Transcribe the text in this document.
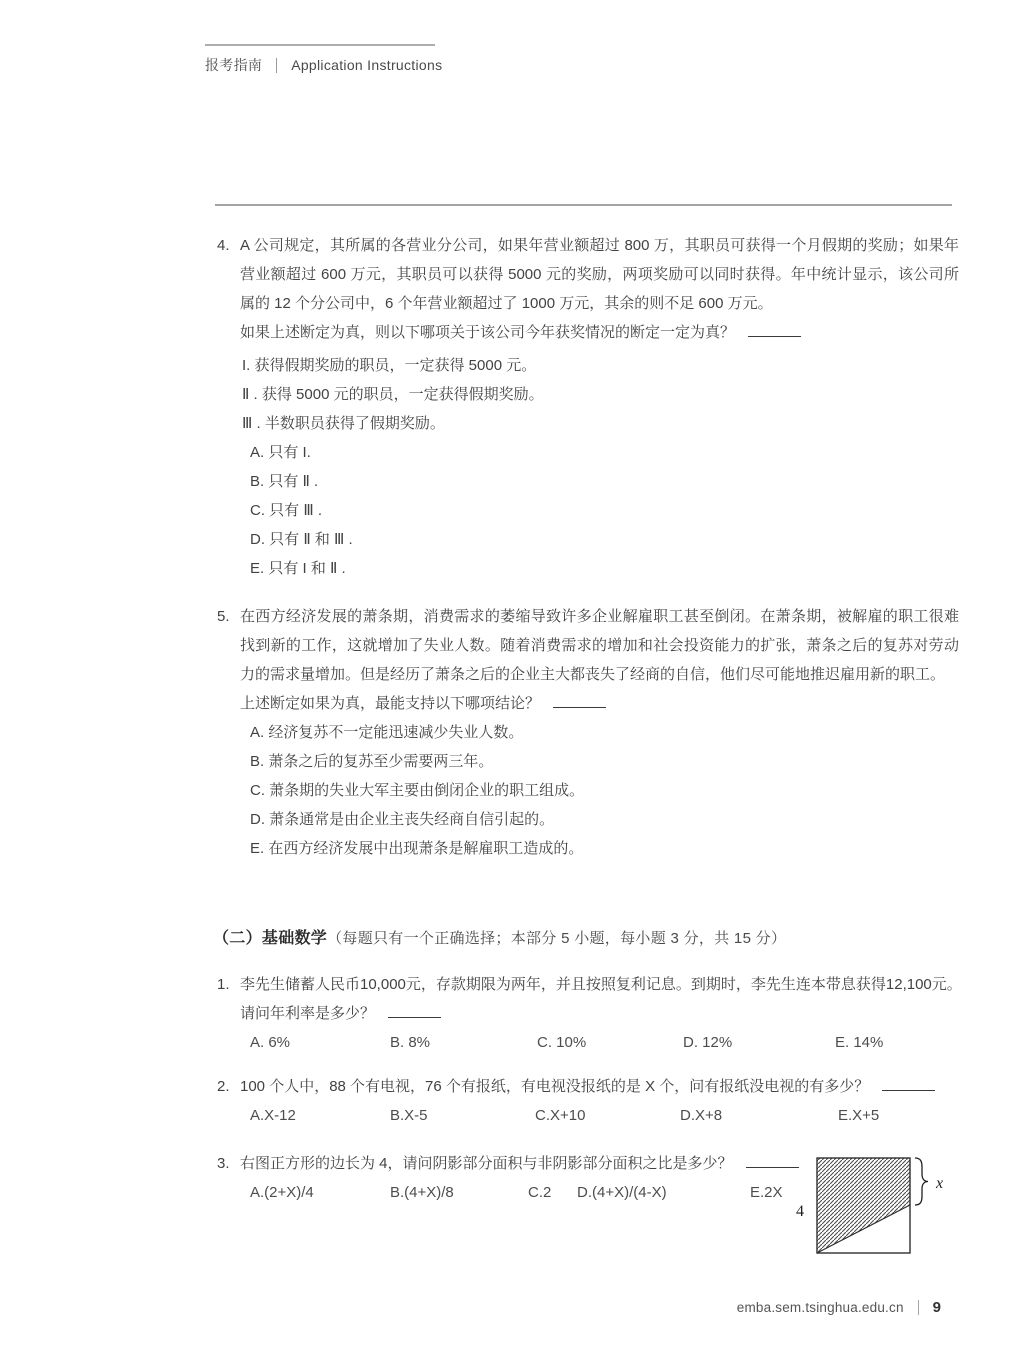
报考指南 Application Instructions
4. A 公司规定，其所属的各营业分公司，如果年营业额超过 800 万，其职员可获得一个月假期的奖励；如果年营业额超过 600 万元，其职员可以获得 5000 元的奖励，两项奖励可以同时获得。年中统计显示，该公司所属的 12 个分公司中，6 个年营业额超过了 1000 万元，其余的则不足 600 万元。

如果上述断定为真，则以下哪项关于该公司今年获奖情况的断定一定为真？

I. 获得假期奖励的职员，一定获得 5000 元。
Ⅱ . 获得 5000 元的职员，一定获得假期奖励。
Ⅲ . 半数职员获得了假期奖励。
A. 只有 I.
B. 只有 Ⅱ .
C. 只有 Ⅲ .
D. 只有 Ⅱ 和 Ⅲ .
E. 只有 I 和 Ⅱ .
5. 在西方经济发展的萧条期，消费需求的萎缩导致许多企业解雇职工甚至倒闭。在萧条期，被解雇的职工很难找到新的工作，这就增加了失业人数。随着消费需求的增加和社会投资能力的扩张，萧条之后的复苏对劳动力的需求量增加。但是经历了萧条之后的企业主大都丧失了经商的自信，他们尽可能地推迟雇用新的职工。

上述断定如果为真，最能支持以下哪项结论？

A. 经济复苏不一定能迅速减少失业人数。
B. 萧条之后的复苏至少需要两三年。
C. 萧条期的失业大军主要由倒闭企业的职工组成。
D. 萧条通常是由企业主丧失经商自信引起的。
E. 在西方经济发展中出现萧条是解雇职工造成的。
（二）基础数学（每题只有一个正确选择；本部分 5 小题，每小题 3 分，共 15 分）
1. 李先生储蓄人民币10,000元，存款期限为两年，并且按照复利记息。到期时，李先生连本带息获得12,100元。

请问年利率是多少？

A. 6%	B. 8%	C. 10%	D. 12%	E. 14%
2. 100 个人中，88 个有电视，76 个有报纸，有电视没报纸的是 X 个，问有报纸没电视的有多少？

A.X-12	B.X-5	C.X+10	D.X+8	E.X+5
3. 右图正方形的边长为 4，请问阴影部分面积与非阴影部分面积之比是多少？

A.(2+X)/4	B.(4+X)/8	C.2 D.(4+X)/(4-X)	E.2X
4
x
emba.sem.tsinghua.edu.cn 9
